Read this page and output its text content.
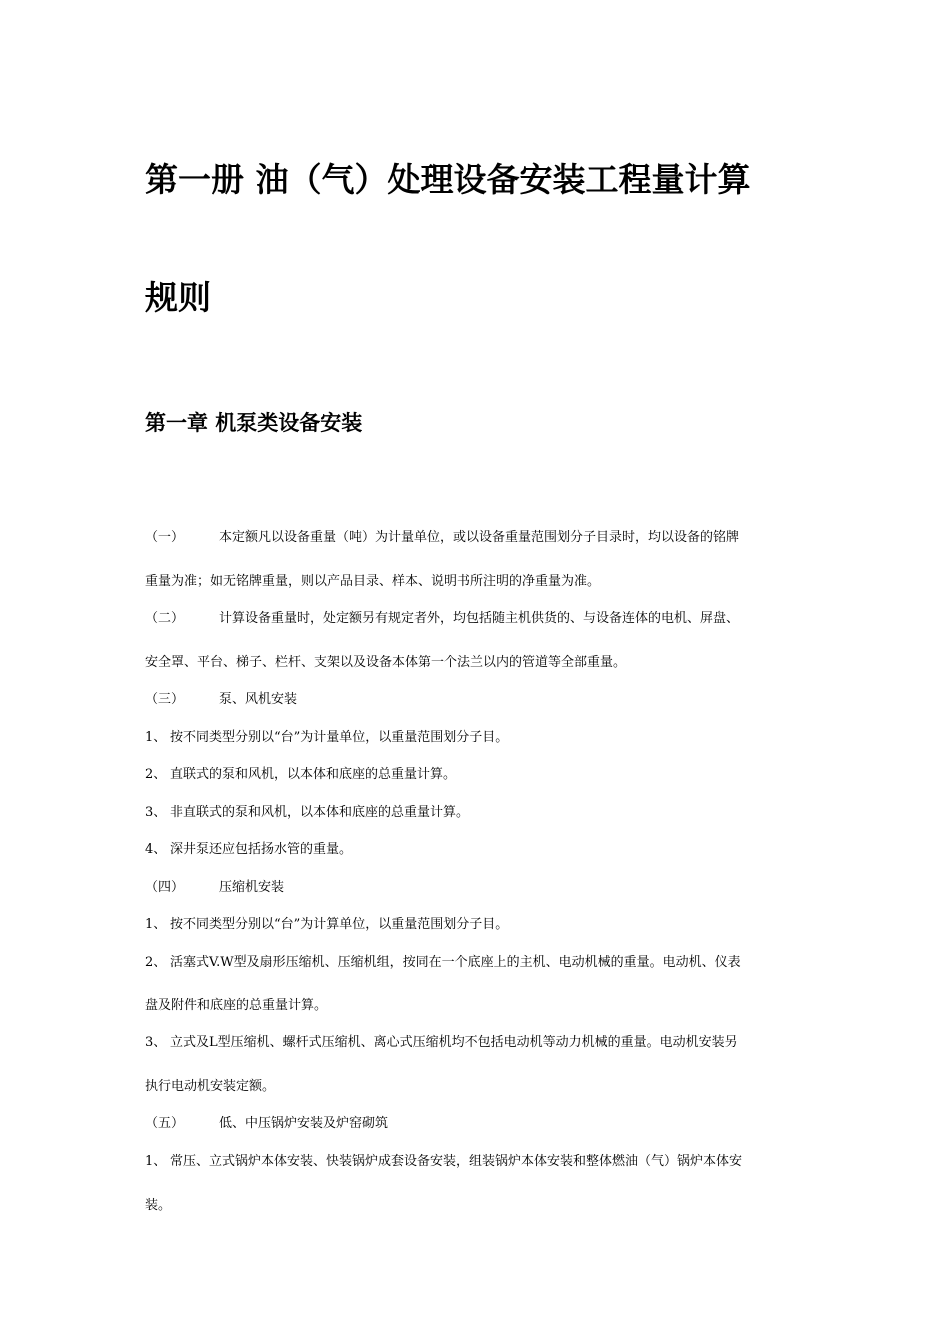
第一册 油（气）处理设备安装工程量计算
规则
第一章 机泵类设备安装
（一）	本定额凡以设备重量（吨）为计量单位，或以设备重量范围划分子目录时，均以设备的铭牌

重量为准；如无铭牌重量，则以产品目录、样本、说明书所注明的净重量为准。

（二）	计算设备重量时，处定额另有规定者外，均包括随主机供货的、与设备连体的电机、屏盘、

安全罩、平台、梯子、栏杆、支架以及设备本体第一个法兰以内的管道等全部重量。

（三）	泵、风机安装
1、 按不同类型分别以“台”为计量单位，以重量范围划分子目。
2、 直联式的泵和风机，以本体和底座的总重量计算。
3、 非直联式的泵和风机，以本体和底座的总重量计算。
4、 深井泵还应包括扬水管的重量。
（四）	压缩机安装
1、 按不同类型分别以“台”为计算单位，以重量范围划分子目。
2、 活塞式V.W型及扇形压缩机、压缩机组，按同在一个底座上的主机、电动机械的重量。电动机、仪表

盘及附件和底座的总重量计算。

3、 立式及L型压缩机、螺杆式压缩机、离心式压缩机均不包括电动机等动力机械的重量。电动机安装另

执行电动机安装定额。

（五）	低、中压锅炉安装及炉窑砌筑
1、 常压、立式锅炉本体安装、快装锅炉成套设备安装，组装锅炉本体安装和整体燃油（气）锅炉本体安

装。
